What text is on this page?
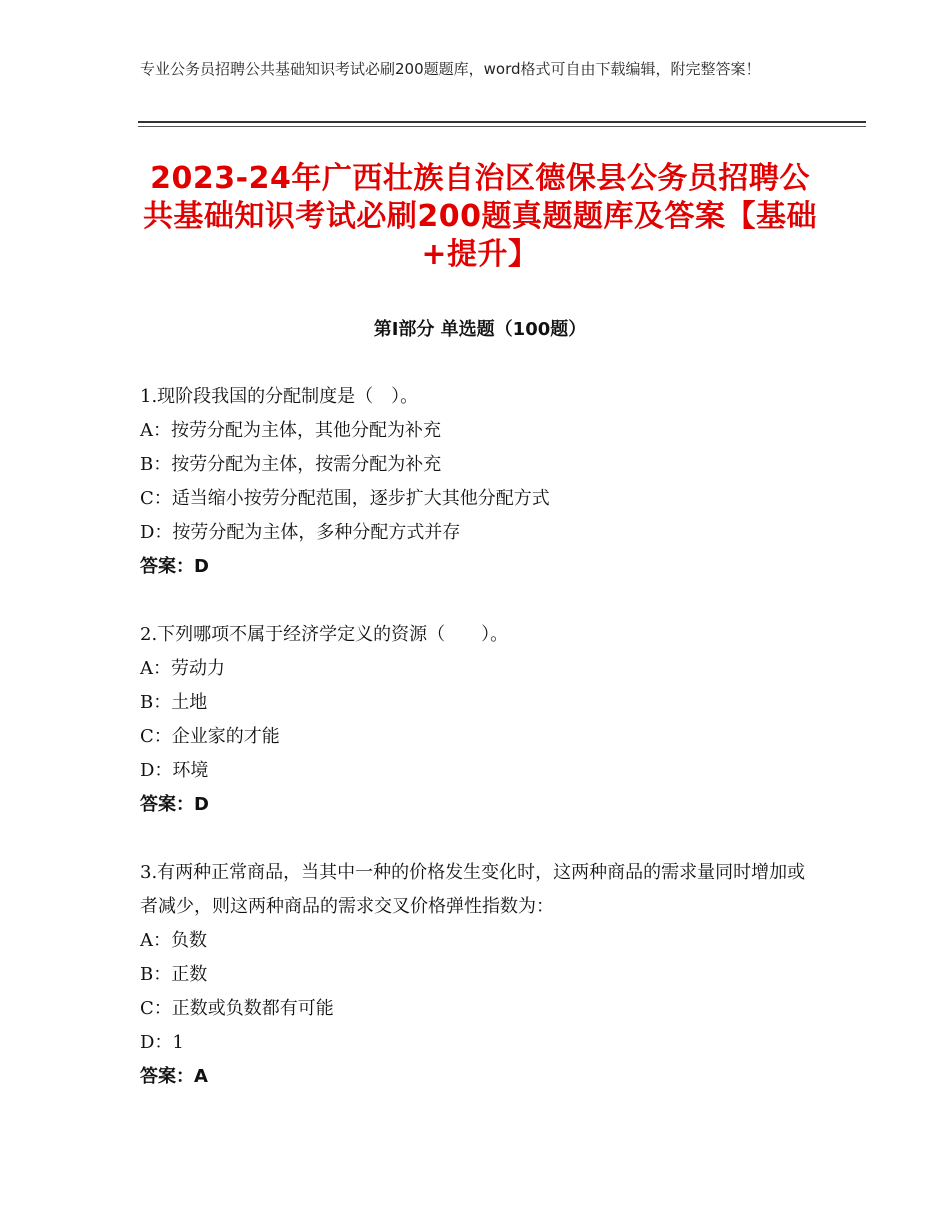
专业公务员招聘公共基础知识考试必刷200题题库，word格式可自由下载编辑，附完整答案！
2023-24年广西壮族自治区德保县公务员招聘公共基础知识考试必刷200题真题题库及答案【基础+提升】
第Ⅰ部分 单选题（100题）
1.现阶段我国的分配制度是（　）。
A：按劳分配为主体，其他分配为补充
B：按劳分配为主体，按需分配为补充
C：适当缩小按劳分配范围，逐步扩大其他分配方式
D：按劳分配为主体，多种分配方式并存
答案：D
2.下列哪项不属于经济学定义的资源（　　）。
A：劳动力
B：土地
C：企业家的才能
D：环境
答案：D
3.有两种正常商品，当其中一种的价格发生变化时，这两种商品的需求量同时增加或者减少，则这两种商品的需求交叉价格弹性指数为：
A：负数
B：正数
C：正数或负数都有可能
D：1
答案：A
